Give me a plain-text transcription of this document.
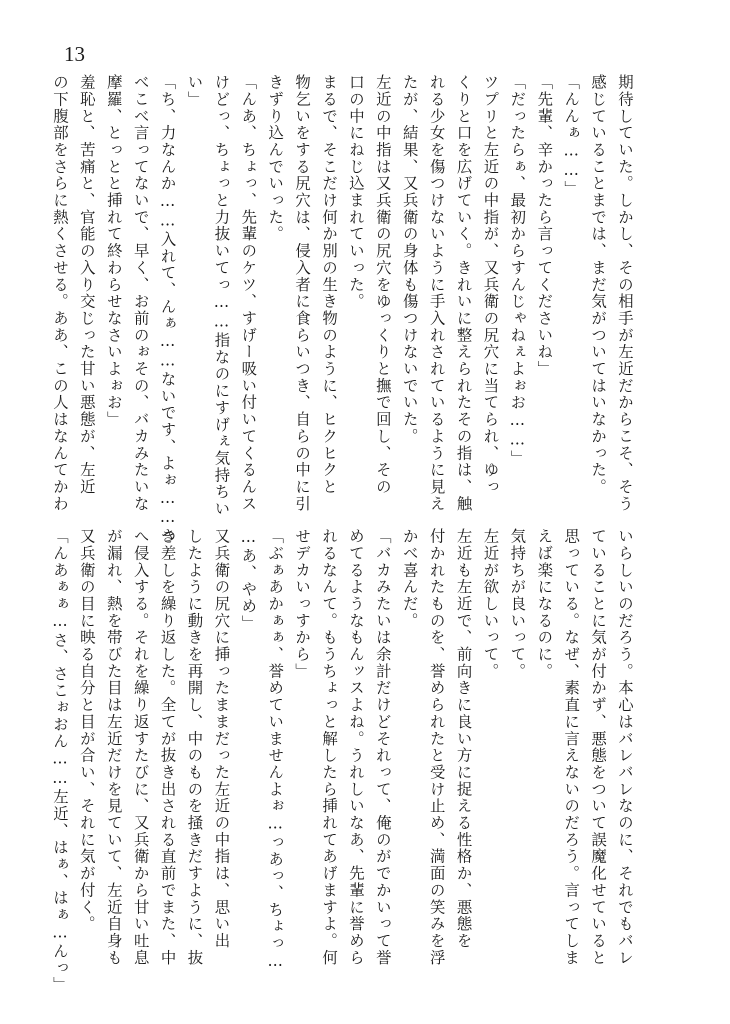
13
期待していた。しかし、その相手が左近だからこそ、そう
感じていることまでは、まだ気がついてはいなかった。
「んんぁ……」
「先輩、辛かったら言ってくださいね」
「だったらぁ、最初からすんじゃねぇよぉお……」
ツプリと左近の中指が、又兵衛の尻穴に当てられ、ゆっ
くりと口を広げていく。きれいに整えられたその指は、触
れる少女を傷つけないように手入れされているように見え
たが、結果、又兵衛の身体も傷つけないでいた。
左近の中指は又兵衛の尻穴をゆっくりと撫で回し、その
口の中にねじ込まれていった。
まるで、そこだけ何か別の生き物のように、ヒクヒクと
物乞いをする尻穴は、侵入者に食らいつき、自らの中に引
きずり込んでいった。
「んあ、ちょっ、先輩のケツ、すげー吸い付いてくるんス
けどっ、ちょっと力抜いてっ……指なのにすげぇ気持ちい
い」
「ち、力なんか……入れて、んぁ……ないです、よぉ……つ
べこべ言ってないで、早く、お前のぉその、バカみたいな
摩羅、とっとと挿れて終わらせなさいよぉお」
羞恥と、苦痛と、官能の入り交じった甘い悪態が、左近
の下腹部をさらに熱くさせる。ああ、この人はなんてかわ
いらしいのだろう。本心はバレバレなのに、それでもバレ
ていることに気が付かず、悪態をついて誤魔化せていると
思っている。なぜ、素直に言えないのだろう。言ってしま
えば楽になるのに。
気持ちが良いって。
左近が欲しいって。
左近も左近で、前向きに良い方に捉える性格か、悪態を
付かれたものを、誉められたと受け止め、満面の笑みを浮
かべ喜んだ。
「バカみたいは余計だけどそれって、俺のがでかいって誉
めてるようなもんッスよね。うれしいなあ、先輩に誉めら
れるなんて。もうちょっと解したら挿れてあげますよ。何
せデカいっすから」
「ぶぁあかぁぁ、誉めていませんよぉ…っあっ、ちょっ…
…あ、やめ」
又兵衛の尻穴に挿ったままだった左近の中指は、思い出
したように動きを再開し、中のものを掻きだすように、抜
き差しを繰り返した。全てが抜き出される直前でまた、中
へ侵入する。それを繰り返すたびに、又兵衛から甘い吐息
が漏れ、熱を帯びた目は左近だけを見ていて、左近自身も
又兵衛の目に映る自分と目が合い、それに気が付く。
「んあぁぁ…さ、さこぉおん……左近、はぁ、はぁ…んっ」
